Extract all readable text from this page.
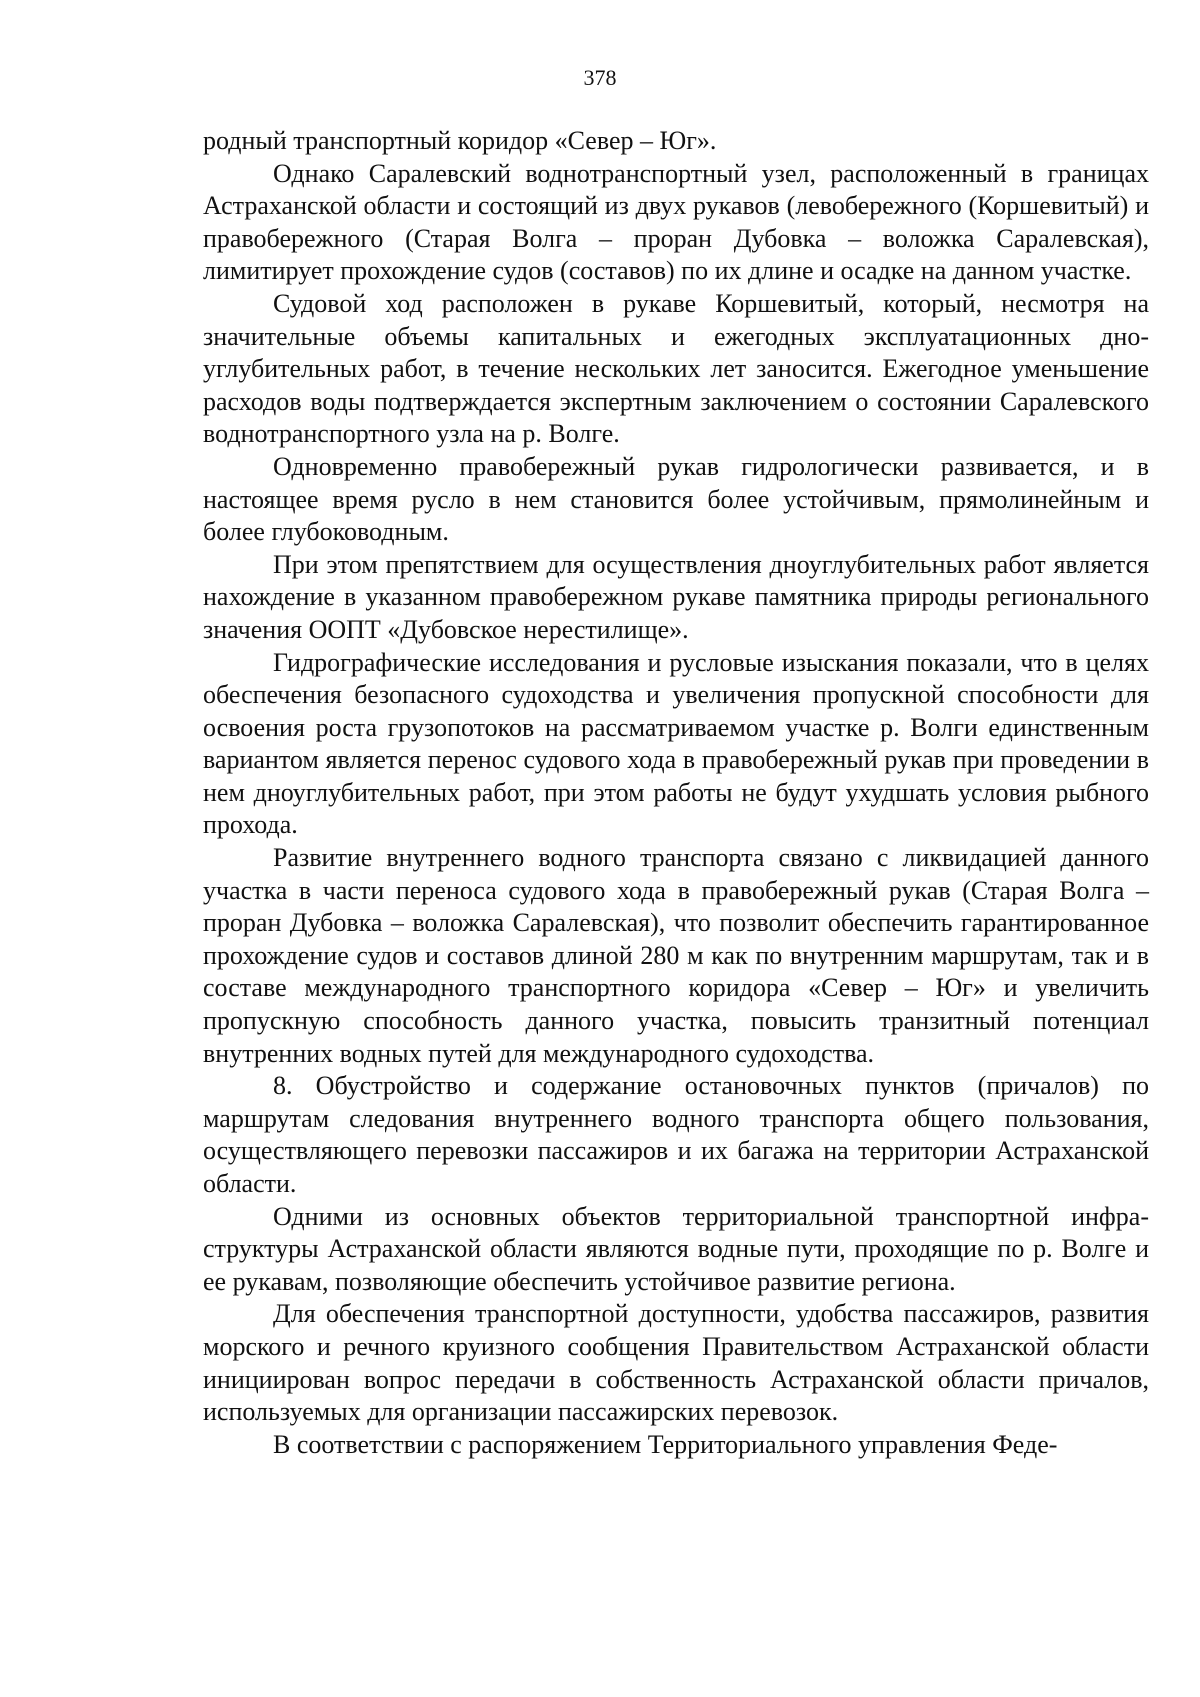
378

родный транспортный коридор «Север – Юг».

Однако Саралевский воднотранспортный узел, расположенный в границах Астраханской области и состоящий из двух рукавов (левобережного (Коршевитый) и правобережного (Старая Волга – проран Дубовка – воложка Саралевская), лимитирует прохождение судов (составов) по их длине и осадке на данном участке.

Судовой ход расположен в рукаве Коршевитый, который, несмотря на значительные объемы капитальных и ежегодных эксплуатационных дноуглубительных работ, в течение нескольких лет заносится. Ежегодное уменьшение расходов воды подтверждается экспертным заключением о состоянии Саралевского воднотранспортного узла на р. Волге.

Одновременно правобережный рукав гидрологически развивается, и в настоящее время русло в нем становится более устойчивым, прямолинейным и более глубоководным.

При этом препятствием для осуществления дноуглубительных работ является нахождение в указанном правобережном рукаве памятника природы регионального значения ООПТ «Дубовское нерестилище».

Гидрографические исследования и русловые изыскания показали, что в целях обеспечения безопасного судоходства и увеличения пропускной способности для освоения роста грузопотоков на рассматриваемом участке р. Волги единственным вариантом является перенос судового хода в правобережный рукав при проведении в нем дноуглубительных работ, при этом работы не будут ухудшать условия рыбного прохода.

Развитие внутреннего водного транспорта связано с ликвидацией данного участка в части переноса судового хода в правобережный рукав (Старая Волга – проран Дубовка – воложка Саралевская), что позволит обеспечить гарантированное прохождение судов и составов длиной 280 м как по внутренним маршрутам, так и в составе международного транспортного коридора «Север – Юг» и увеличить пропускную способность данного участка, повысить транзитный потенциал внутренних водных путей для международного судоходства.

8. Обустройство и содержание остановочных пунктов (причалов) по маршрутам следования внутреннего водного транспорта общего пользования, осуществляющего перевозки пассажиров и их багажа на территории Астраханской области.

Одними из основных объектов территориальной транспортной инфраструктуры Астраханской области являются водные пути, проходящие по р. Волге и ее рукавам, позволяющие обеспечить устойчивое развитие региона.

Для обеспечения транспортной доступности, удобства пассажиров, развития морского и речного круизного сообщения Правительством Астраханской области инициирован вопрос передачи в собственность Астраханской области причалов, используемых для организации пассажирских перевозок.

В соответствии с распоряжением Территориального управления Феде-
